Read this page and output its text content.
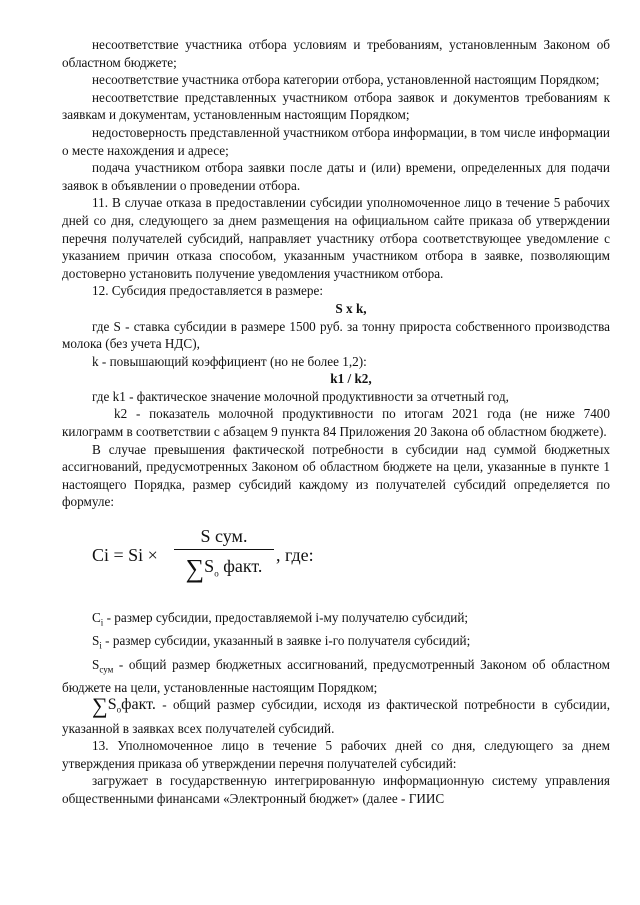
несоответствие участника отбора условиям и требованиям, установленным Законом об областном бюджете;

несоответствие участника отбора категории отбора, установленной настоящим Порядком;

несоответствие представленных участником отбора заявок и документов требованиям к заявкам и документам, установленным настоящим Порядком;

недостоверность представленной участником отбора информации, в том числе информации о месте нахождения и адресе;

подача участником отбора заявки после даты и (или) времени, определенных для подачи заявок в объявлении о проведении отбора.

11. В случае отказа в предоставлении субсидии уполномоченное лицо в течение 5 рабочих дней со дня, следующего за днем размещения на официальном сайте приказа об утверждении перечня получателей субсидий, направляет участнику отбора соответствующее уведомление с указанием причин отказа способом, указанным участником отбора в заявке, позволяющим достоверно установить получение уведомления участником отбора.

12. Субсидия предоставляется в размере:

S x k,

где S - ставка субсидии в размере 1500 руб. за тонну прироста собственного производства молока (без учета НДС),

k - повышающий коэффициент (но не более 1,2):

k1 / k2,

где k1 - фактическое значение молочной продуктивности за отчетный год,

k2 - показатель молочной продуктивности по итогам 2021 года (не ниже 7400 килограмм в соответствии с абзацем 9 пункта 84 Приложения 20 Закона об областном бюджете).

В случае превышения фактической потребности в субсидии над суммой бюджетных ассигнований, предусмотренных Законом об областном бюджете на цели, указанные в пункте 1 настоящего Порядка, размер субсидий каждому из получателей субсидий определяется по формуле:

Ci = Si ×
S сум.
$\sum S_o$ факт.
, где:

$С_i$ - размер субсидии, предоставляемой i-му получателю субсидий;

$S_i$ - размер субсидии, указанный в заявке i-го получателя субсидий;

$S_{сум}$ - общий размер бюджетных ассигнований, предусмотренный Законом об областном бюджете на цели, установленные настоящим Порядком;

$\sum S_oфакт$. - общий размер субсидии, исходя из фактической потребности в субсидии, указанной в заявках всех получателей субсидий.

13. Уполномоченное лицо в течение 5 рабочих дней со дня, следующего за днем утверждения приказа об утверждении перечня получателей субсидий:

загружает в государственную интегрированную информационную систему управления общественными финансами «Электронный бюджет» (далее - ГИИС
